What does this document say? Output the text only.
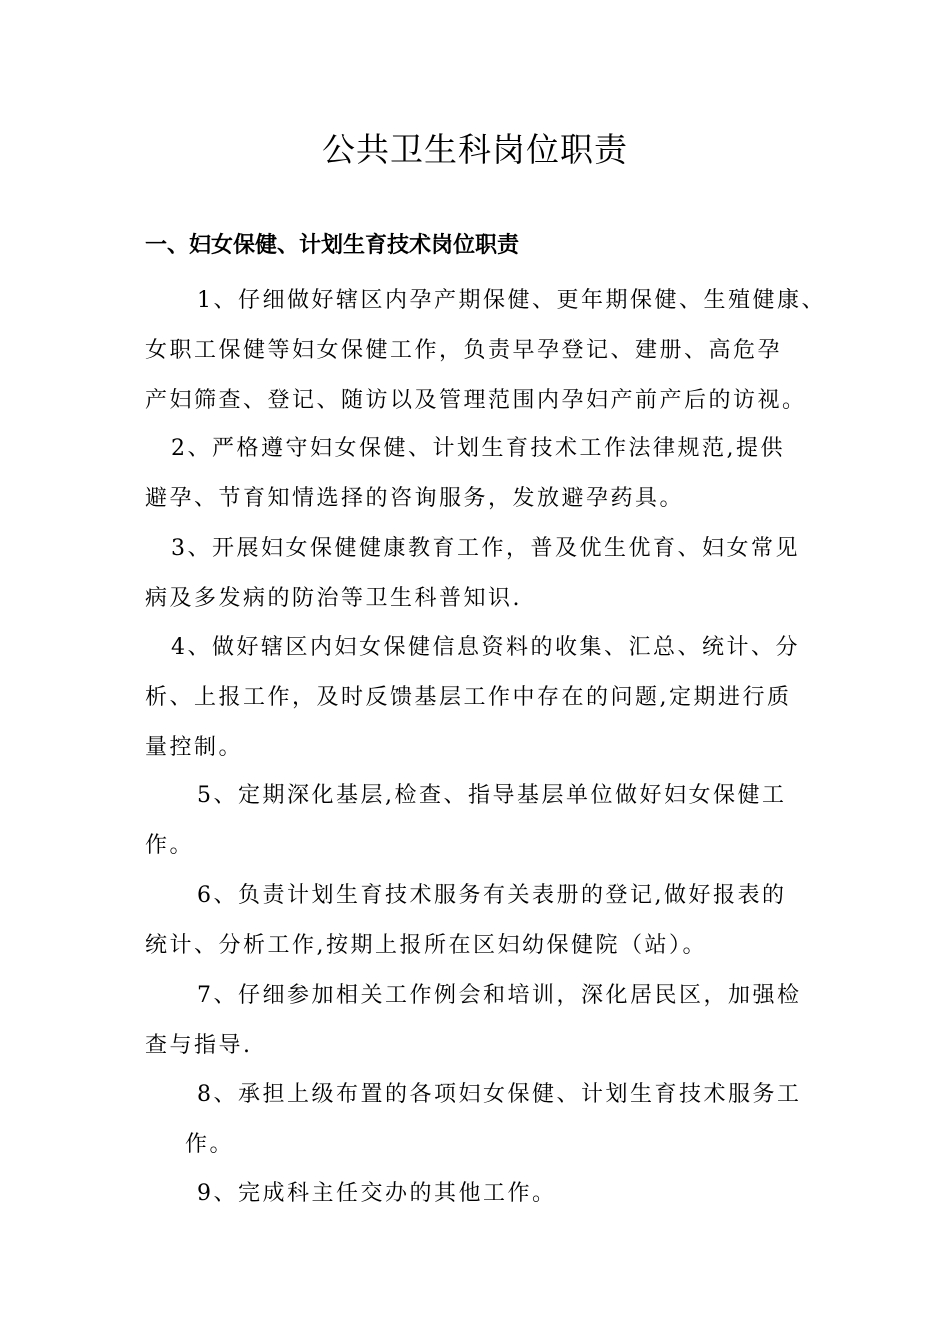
公共卫生科岗位职责
一、妇女保健、计划生育技术岗位职责

1、仔细做好辖区内孕产期保健、更年期保健、生殖健康、
女职工保健等妇女保健工作，负责早孕登记、建册、高危孕
产妇筛查、登记、随访以及管理范围内孕妇产前产后的访视。

2、严格遵守妇女保健、计划生育技术工作法律规范,提供
避孕、节育知情选择的咨询服务，发放避孕药具。

3、开展妇女保健健康教育工作，普及优生优育、妇女常见
病及多发病的防治等卫生科普知识.

4、做好辖区内妇女保健信息资料的收集、汇总、统计、分
析、上报工作，及时反馈基层工作中存在的问题,定期进行质
量控制。

5、定期深化基层,检查、指导基层单位做好妇女保健工
作。

6、负责计划生育技术服务有关表册的登记,做好报表的
统计、分析工作,按期上报所在区妇幼保健院（站）。

7、仔细参加相关工作例会和培训，深化居民区，加强检
查与指导.

8、承担上级布置的各项妇女保健、计划生育技术服务工
作。

9、完成科主任交办的其他工作。
